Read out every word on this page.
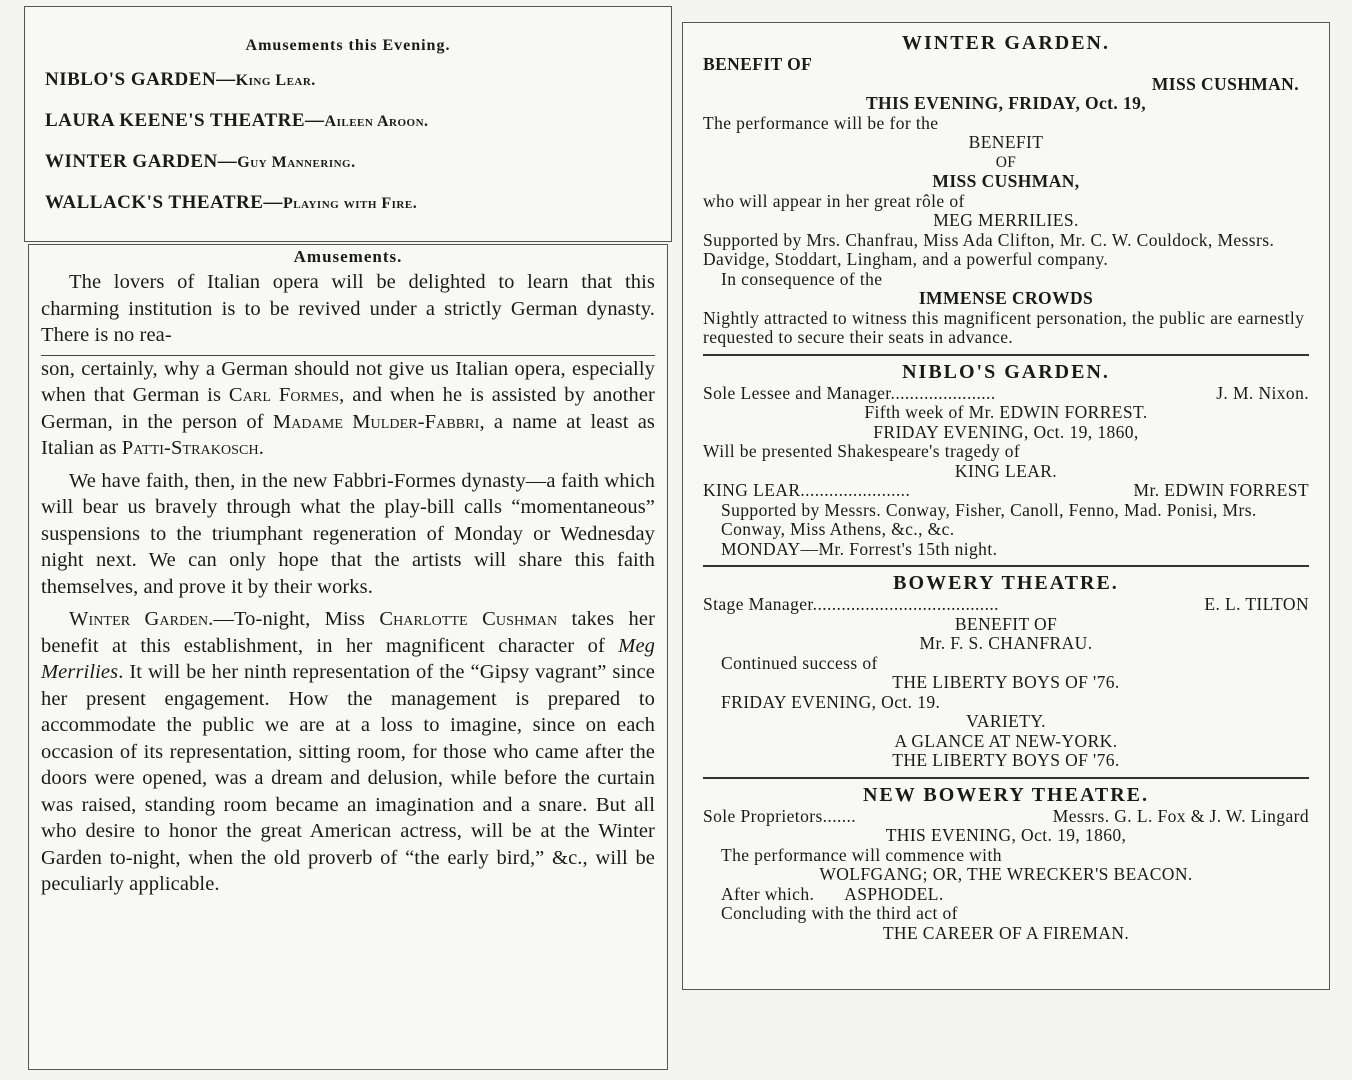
Amusements this Evening.

NIBLO'S GARDEN—King Lear.

LAURA KEENE'S THEATRE—Aileen Aroon.

WINTER GARDEN—Guy Mannering.

WALLACK'S THEATRE—Playing with Fire.

Amusements.

The lovers of Italian opera will be delighted to learn that this charming institution is to be revived under a strictly German dynasty. There is no rea-

son, certainly, why a German should not give us Italian opera, especially when that German is Carl Formes, and when he is assisted by another German, in the person of Madame Mulder-Fabbri, a name at least as Italian as Patti-Strakosch.

We have faith, then, in the new Fabbri-Formes dynasty—a faith which will bear us bravely through what the play-bill calls “momentaneous” suspensions to the triumphant regeneration of Monday or Wednesday night next. We can only hope that the artists will share this faith themselves, and prove it by their works.

Winter Garden.—To-night, Miss Charlotte Cushman takes her benefit at this establishment, in her magnificent character of Meg Merrilies. It will be her ninth representation of the “Gipsy vagrant” since her present engagement. How the management is prepared to accommodate the public we are at a loss to imagine, since on each occasion of its representation, sitting room, for those who came after the doors were opened, was a dream and delusion, while before the curtain was raised, standing room became an imagination and a snare. But all who desire to honor the great American actress, will be at the Winter Garden to-night, when the old proverb of “the early bird,” &c., will be peculiarly applicable.

WINTER GARDEN.

BENEFIT OF

MISS CUSHMAN.

THIS EVENING, FRIDAY, Oct. 19,

The performance will be for the

BENEFIT

OF

MISS CUSHMAN,

who will appear in her great rôle of

MEG MERRILIES.

Supported by Mrs. Chanfrau, Miss Ada Clifton, Mr. C. W. Couldock, Messrs. Davidge, Stoddart, Lingham, and a powerful company.

In consequence of the

IMMENSE CROWDS

Nightly attracted to witness this magnificent personation, the public are earnestly requested to secure their seats in advance.

NIBLO'S GARDEN.

Sole Lessee and Manager......................	J. M. Nixon.

Fifth week of Mr. EDWIN FORREST.

FRIDAY EVENING, Oct. 19, 1860,

Will be presented Shakespeare's tragedy of

KING LEAR.

KING LEAR.......................	Mr. EDWIN FORREST

Supported by Messrs. Conway, Fisher, Canoll, Fenno, Mad. Ponisi, Mrs. Conway, Miss Athens, &c., &c.

MONDAY—Mr. Forrest's 15th night.

BOWERY THEATRE.

Stage Manager.......................................	E. L. TILTON

BENEFIT OF

Mr. F. S. CHANFRAU.

Continued success of

THE LIBERTY BOYS OF '76.

FRIDAY EVENING, Oct. 19.

VARIETY.

A GLANCE AT NEW-YORK.

THE LIBERTY BOYS OF '76.

NEW BOWERY THEATRE.

Sole Proprietors.......	Messrs. G. L. Fox & J. W. Lingard

THIS EVENING, Oct. 19, 1860,

The performance will commence with

WOLFGANG; OR, THE WRECKER'S BEACON.

After which. ASPHODEL.

Concluding with the third act of

THE CAREER OF A FIREMAN.
